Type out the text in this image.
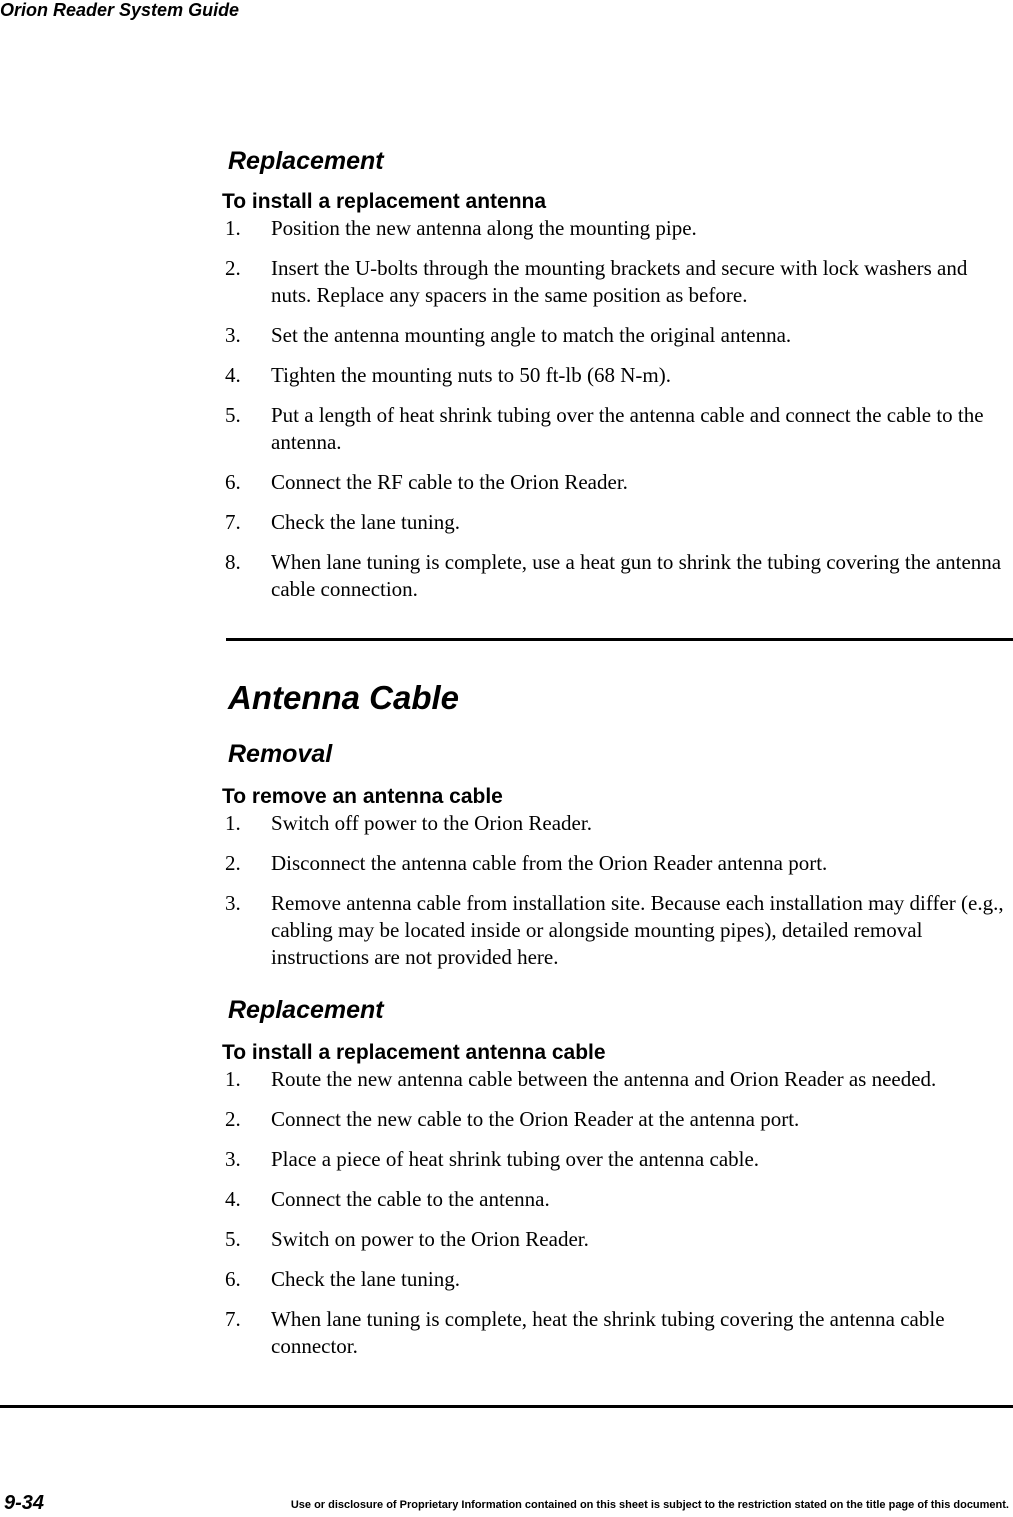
Orion Reader System Guide
Replacement
To install a replacement antenna
1. Position the new antenna along the mounting pipe.
2. Insert the U-bolts through the mounting brackets and secure with lock washers and nuts. Replace any spacers in the same position as before.
3. Set the antenna mounting angle to match the original antenna.
4. Tighten the mounting nuts to 50 ft-lb (68 N-m).
5. Put a length of heat shrink tubing over the antenna cable and connect the cable to the antenna.
6. Connect the RF cable to the Orion Reader.
7. Check the lane tuning.
8. When lane tuning is complete, use a heat gun to shrink the tubing covering the antenna cable connection.
Antenna Cable
Removal
To remove an antenna cable
1. Switch off power to the Orion Reader.
2. Disconnect the antenna cable from the Orion Reader antenna port.
3. Remove antenna cable from installation site. Because each installation may differ (e.g., cabling may be located inside or alongside mounting pipes), detailed removal instructions are not provided here.
Replacement
To install a replacement antenna cable
1. Route the new antenna cable between the antenna and Orion Reader as needed.
2. Connect the new cable to the Orion Reader at the antenna port.
3. Place a piece of heat shrink tubing over the antenna cable.
4. Connect the cable to the antenna.
5. Switch on power to the Orion Reader.
6. Check the lane tuning.
7. When lane tuning is complete, heat the shrink tubing covering the antenna cable connector.
9-34	Use or disclosure of Proprietary Information contained on this sheet is subject to the restriction stated on the title page of this document.
